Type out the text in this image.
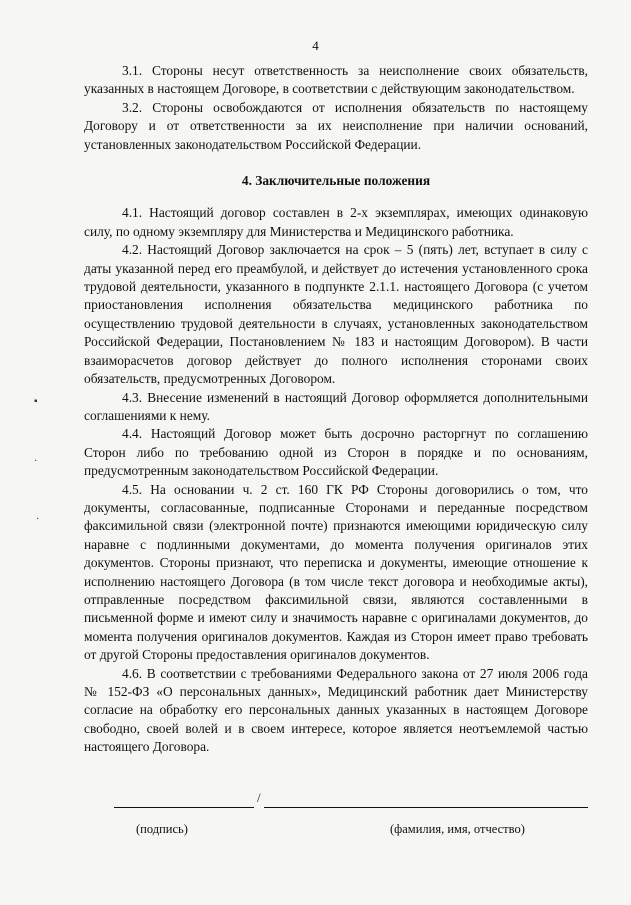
4

3.1. Стороны несут ответственность за неисполнение своих обязательств, указанных в настоящем Договоре, в соответствии с действующим законодательством.

3.2. Стороны освобождаются от исполнения обязательств по настоящему Договору и от ответственности за их неисполнение при наличии оснований, установленных законодательством Российской Федерации.

4. Заключительные положения

4.1. Настоящий договор составлен в 2-х экземплярах, имеющих одинаковую силу, по одному экземпляру для Министерства и Медицинского работника.

4.2. Настоящий Договор заключается на срок – 5 (пять) лет, вступает в силу с даты указанной перед его преамбулой, и действует до истечения установленного срока трудовой деятельности, указанного в подпункте 2.1.1. настоящего Договора (с учетом приостановления исполнения обязательства медицинского работника по осуществлению трудовой деятельности в случаях, установленных законодательством Российской Федерации, Постановлением № 183 и настоящим Договором). В части взаиморасчетов договор действует до полного исполнения сторонами своих обязательств, предусмотренных Договором.

4.3. Внесение изменений в настоящий Договор оформляется дополнительными соглашениями к нему.

4.4. Настоящий Договор может быть досрочно расторгнут по соглашению Сторон либо по требованию одной из Сторон в порядке и по основаниям, предусмотренным законодательством Российской Федерации.

4.5. На основании ч. 2 ст. 160 ГК РФ Стороны договорились о том, что документы, согласованные, подписанные Сторонами и переданные посредством факсимильной связи (электронной почте) признаются имеющими юридическую силу наравне с подлинными документами, до момента получения оригиналов этих документов. Стороны признают, что переписка и документы, имеющие отношение к исполнению настоящего Договора (в том числе текст договора и необходимые акты), отправленные посредством факсимильной связи, являются составленными в письменной форме и имеют силу и значимость наравне с оригиналами документов, до момента получения оригиналов документов. Каждая из Сторон имеет право требовать от другой Стороны предоставления оригиналов документов.

4.6. В соответствии с требованиями Федерального закона от 27 июля 2006 года № 152-ФЗ «О персональных данных», Медицинский работник дает Министерству согласие на обработку его персональных данных указанных в настоящем Договоре свободно, своей волей и в своем интересе, которое является неотъемлемой частью настоящего Договора.

/
(подпись)	(фамилия, имя, отчество)
▪
·
·
